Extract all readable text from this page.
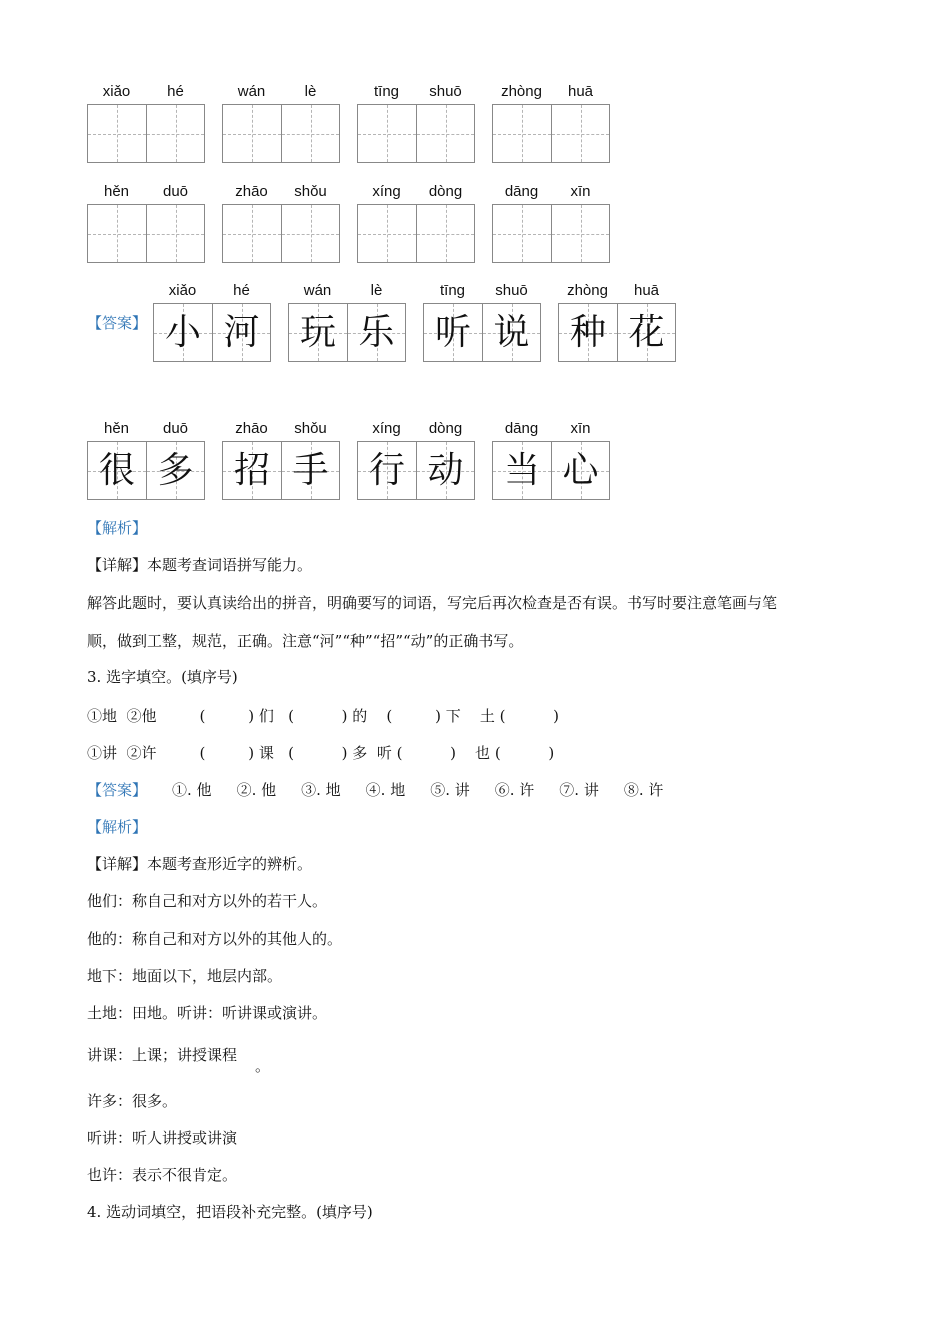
xiǎo	hé	wán	lè	tīng	shuō	zhòng	huā
hěn	duō	zhāo	shǒu	xíng	dòng	dāng	xīn
【答案】
xiǎo	hé
小 河
wán	lè
玩 乐
tīng	shuō
听 说
zhòng	huā
种 花
hěn	duō
很 多
zhāo	shǒu
招 手
xíng	dòng
行 动
dāng	xīn
当 心
【解析】
【详解】本题考查词语拼写能力。
解答此题时，要认真读给出的拼音，明确要写的词语，写完后再次检查是否有误。书写时要注意笔画与笔
顺，做到工整，规范，正确。注意“河”“种”“招”“动”的正确书写。
3. 选字填空。(填序号)
①地  ②他         (         ) 们   (          ) 的    (         ) 下    土 (          )
①讲  ②许         (         ) 课   (          ) 多  听 (          )    也 (          )
【答案】 ①. 他 ②. 他 ③. 地 ④. 地 ⑤. 讲 ⑥. 许 ⑦. 讲 ⑧. 许
【解析】
【详解】本题考查形近字的辨析。
他们：称自己和对方以外的若干人。
他的：称自己和对方以外的其他人的。
地下：地面以下，地层内部。
土地：田地。听讲：听讲课或演讲。
讲课：上课；讲授课程
。
许多：很多。
听讲：听人讲授或讲演
也许：表示不很肯定。
4. 选动词填空，把语段补充完整。(填序号)
